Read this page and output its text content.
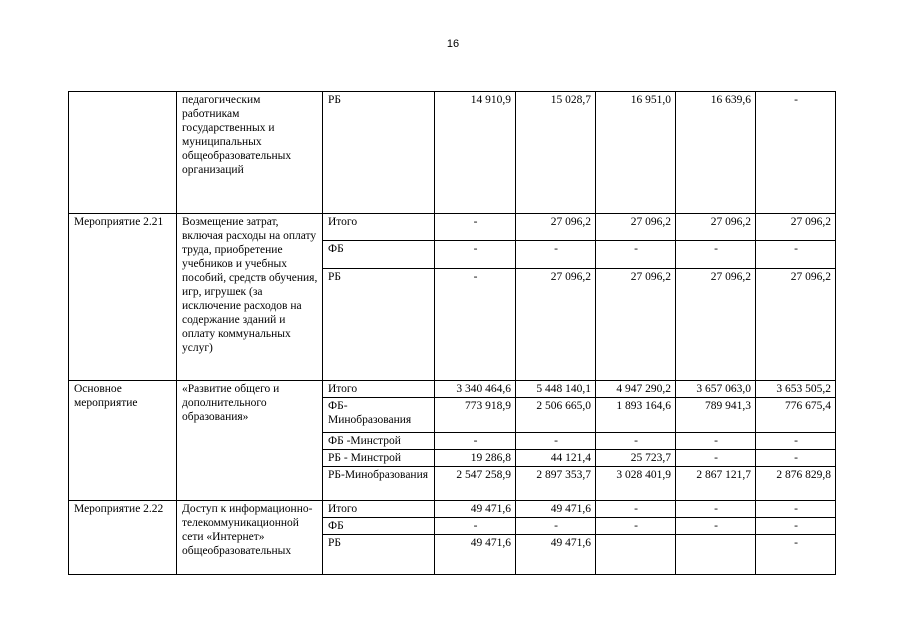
16
	педагогическим работникам государственных и муниципальных общеобразовательных организаций	РБ	14 910,9	15 028,7	16 951,0	16 639,6	-
Мероприятие 2.21	Возмещение затрат, включая расходы на оплату труда, приобретение учебников и учебных пособий, средств обучения, игр, игрушек (за исключение расходов на содержание зданий и оплату коммунальных услуг)	Итого	-	27 096,2	27 096,2	27 096,2	27 096,2
		ФБ	-	-	-	-	-
		РБ	-	27 096,2	27 096,2	27 096,2	27 096,2
Основное мероприятие	«Развитие общего и дополнительного образования»	Итого	3 340 464,6	5 448 140,1	4 947 290,2	3 657 063,0	3 653 505,2
		ФБ-Минобразования	773 918,9	2 506 665,0	1 893 164,6	789 941,3	776 675,4
		ФБ -Минстрой	-	-	-	-	-
		РБ - Минстрой	19 286,8	44 121,4	25 723,7	-	-
		РБ-Минобразования	2 547 258,9	2 897 353,7	3 028 401,9	2 867 121,7	2 876 829,8
Мероприятие 2.22	Доступ к информационно-телекоммуникационной сети «Интернет» общеобразовательных	Итого	49 471,6	49 471,6	-	-	-
		ФБ	-	-	-	-	-
		РБ	49 471,6	49 471,6			-
